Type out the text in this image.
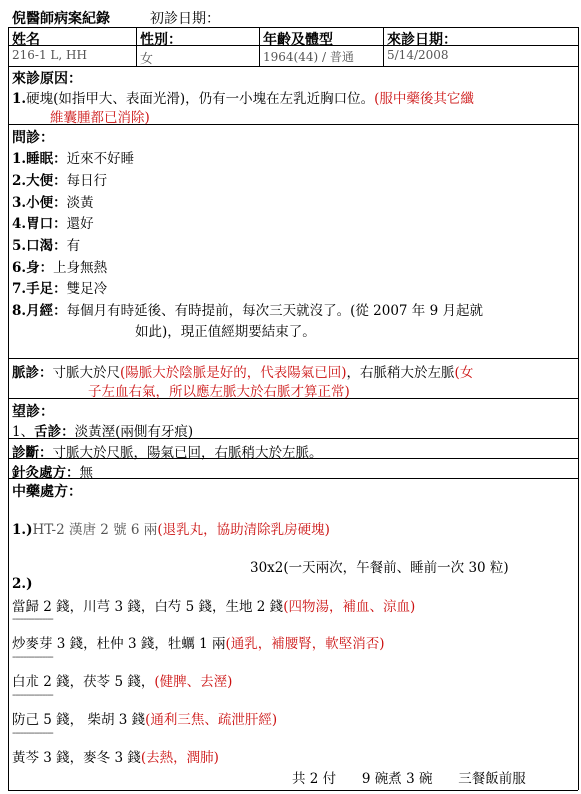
倪醫師病案紀錄	初診日期：
姓名	性別：	年齡及體型	來診日期：
216-1 L, HH	女	1964(44) / 普通	5/14/2008
來診原因：
1.硬塊(如指甲大、表面光滑)，仍有一小塊在左乳近胸口位。(服中藥後其它纖
維囊腫都已消除)
問診：
1.睡眠：近來不好睡
2.大便：每日行
3.小便：淡黃
4.胃口：還好
5.口渴：有
6.身：上身無熱
7.手足：雙足冷
8.月經：每個月有時延後、有時提前，每次三天就沒了。(從 2007 年 9 月起就
如此)，現正值經期要結束了。
脈診：寸脈大於尺(陽脈大於陰脈是好的，代表陽氣已回)，右脈稍大於左脈(女
子左血右氣，所以應左脈大於右脈才算正常)
望診：
1、舌診：淡黃溼(兩側有牙痕)
診斷：寸脈大於尺脈，陽氣已回，右脈稍大於左脈。
針灸處方：無
中藥處方：
1.)HT-2 漢唐 2 號 6 兩(退乳丸，協助清除乳房硬塊)
30x2(一天兩次，午餐前、睡前一次 30 粒)
2.)
當歸 2 錢，川芎 3 錢，白芍 5 錢，生地 2 錢(四物湯，補血、涼血)
---------------
炒麥芽 3 錢，杜仲 3 錢，牡蠣 1 兩(通乳，補腰腎，軟堅消否)
---------------
白朮 2 錢，茯苓 5 錢，(健脾、去溼)
---------------
防己 5 錢， 柴胡 3 錢(通利三焦、疏泄肝經)
---------------
黃芩 3 錢，麥冬 3 錢(去熱，潤肺)
共 2 付      9 碗煮 3 碗      三餐飯前服
